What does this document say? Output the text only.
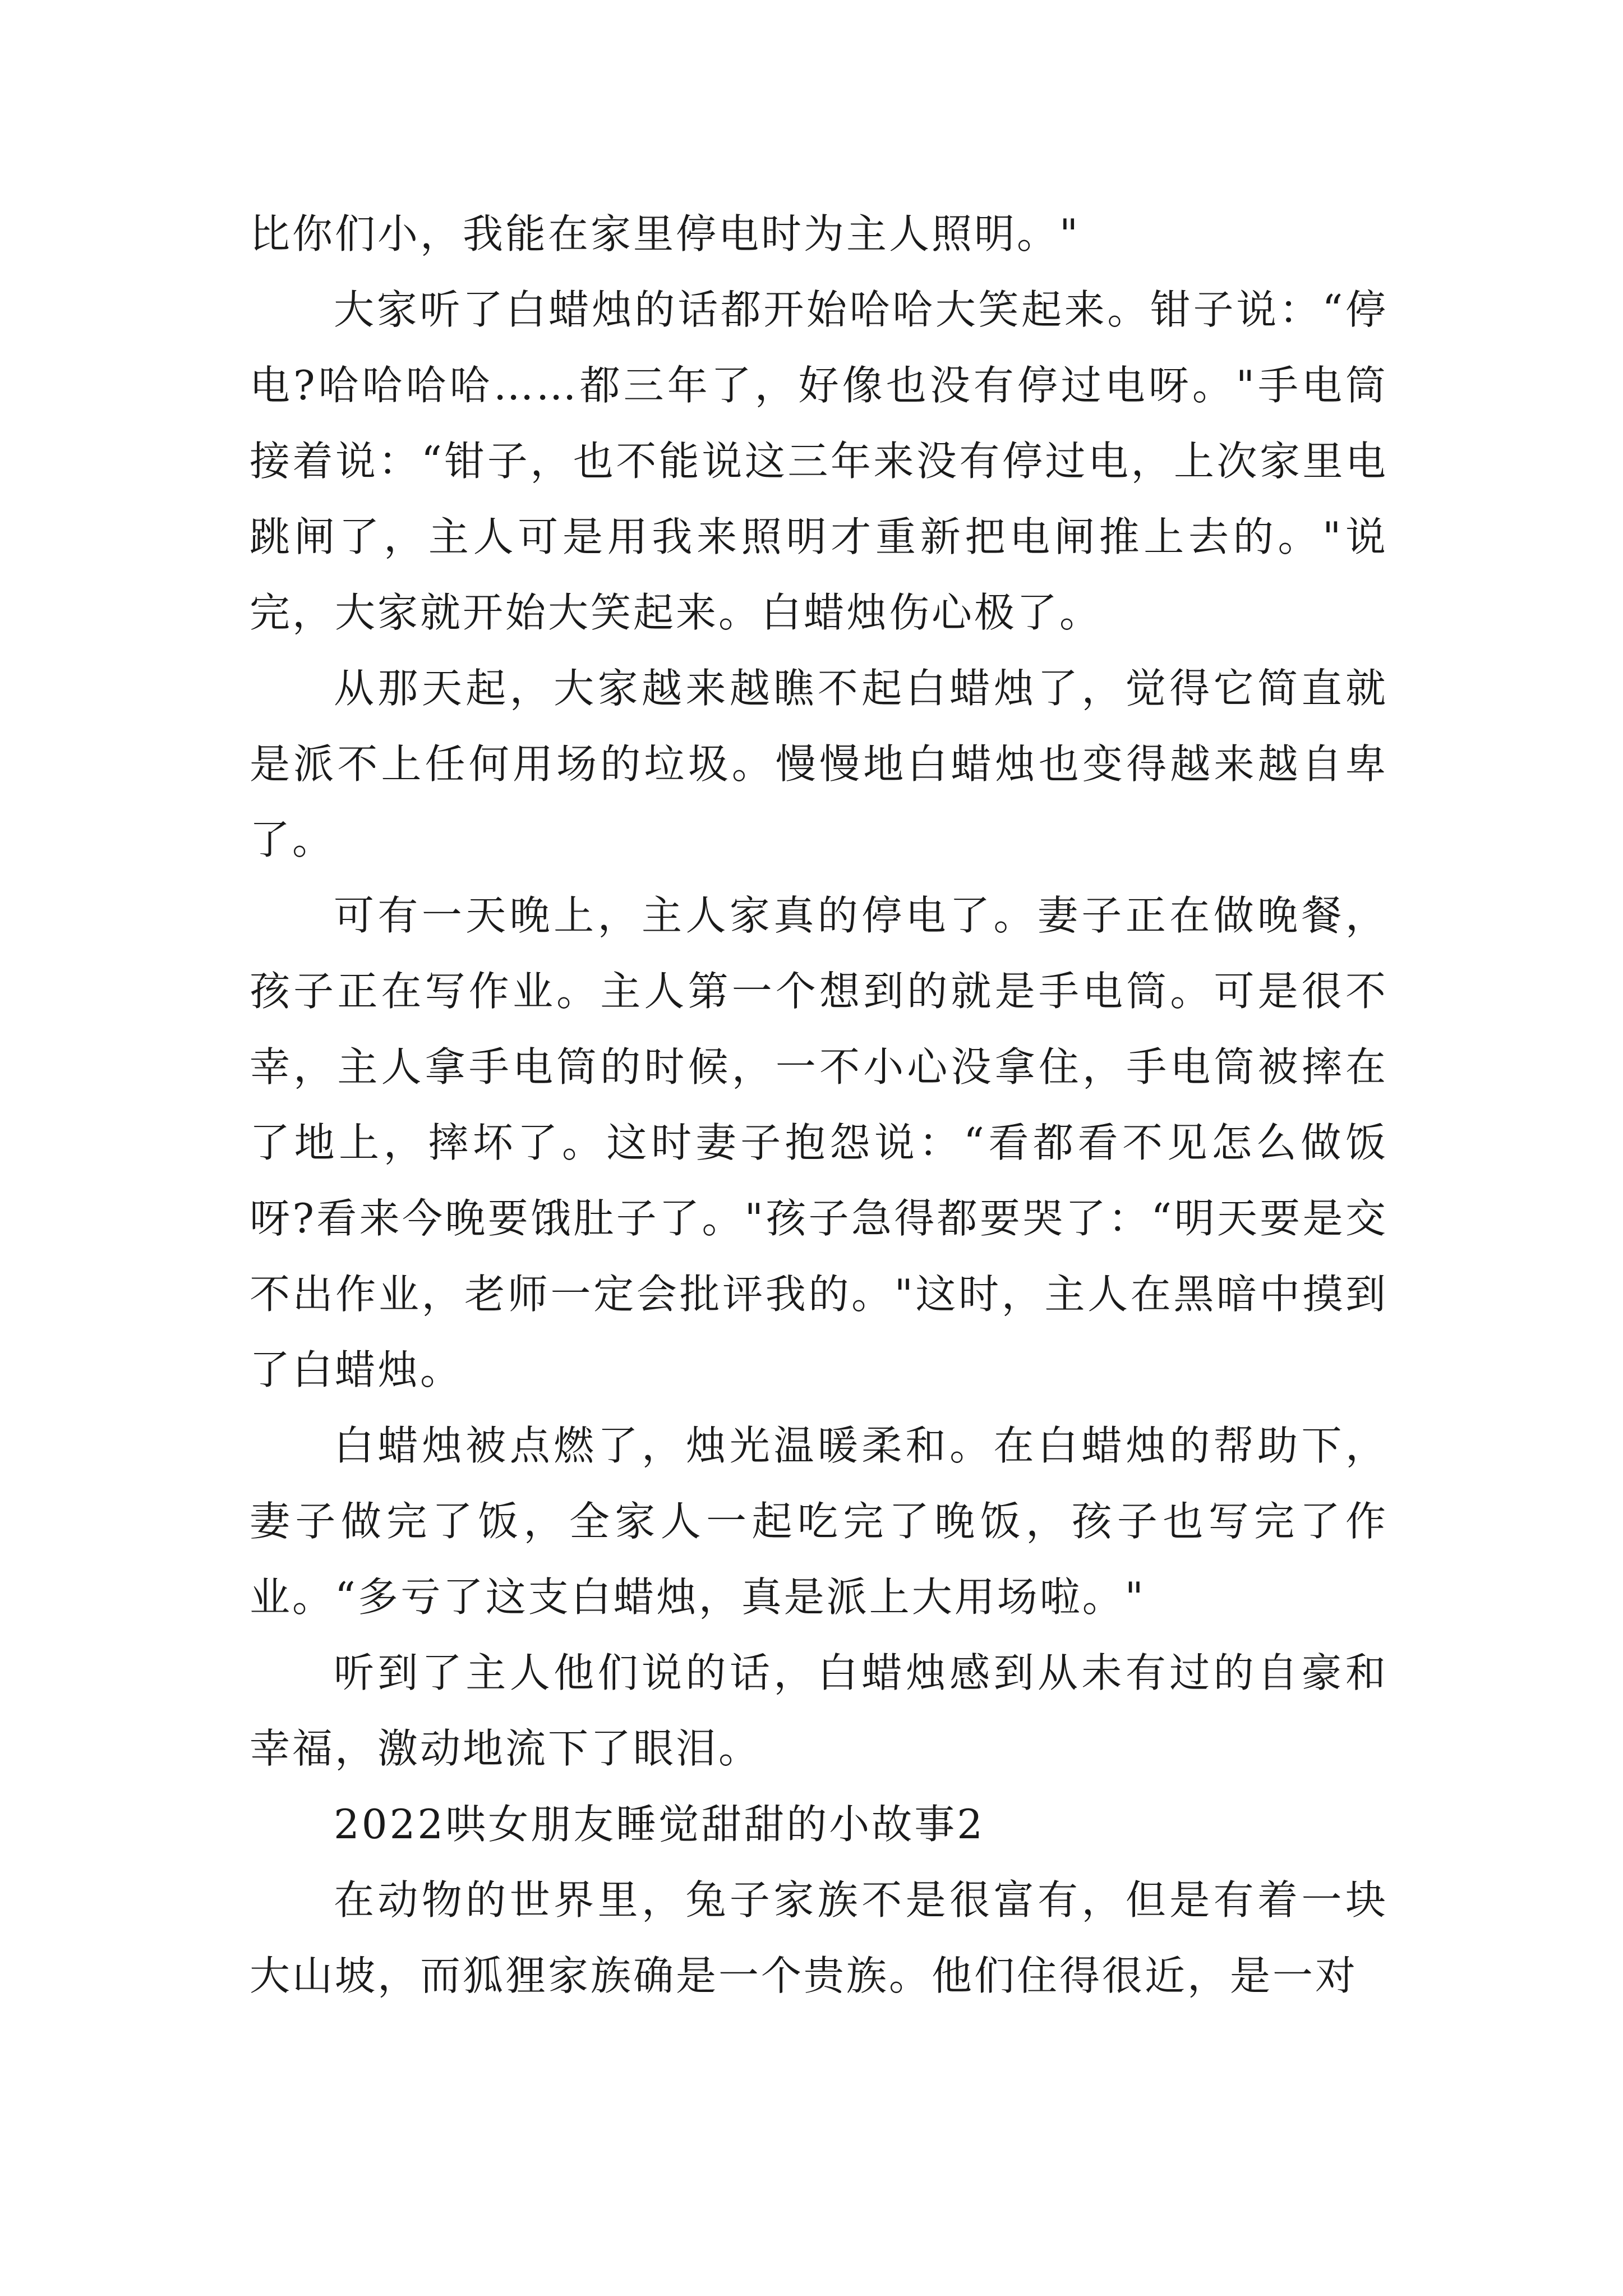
比你们小，我能在家里停电时为主人照明。"

大家听了白蜡烛的话都开始哈哈大笑起来。钳子说：“停电?哈哈哈哈……都三年了，好像也没有停过电呀。"手电筒接着说：“钳子，也不能说这三年来没有停过电，上次家里电跳闸了，主人可是用我来照明才重新把电闸推上去的。"说完，大家就开始大笑起来。白蜡烛伤心极了。

从那天起，大家越来越瞧不起白蜡烛了，觉得它简直就是派不上任何用场的垃圾。慢慢地白蜡烛也变得越来越自卑了。

可有一天晚上，主人家真的停电了。妻子正在做晚餐，孩子正在写作业。主人第一个想到的就是手电筒。可是很不幸，主人拿手电筒的时候，一不小心没拿住，手电筒被摔在了地上，摔坏了。这时妻子抱怨说：“看都看不见怎么做饭呀?看来今晚要饿肚子了。"孩子急得都要哭了：“明天要是交不出作业，老师一定会批评我的。"这时，主人在黑暗中摸到了白蜡烛。

白蜡烛被点燃了，烛光温暖柔和。在白蜡烛的帮助下，妻子做完了饭，全家人一起吃完了晚饭，孩子也写完了作业。“多亏了这支白蜡烛，真是派上大用场啦。"

听到了主人他们说的话，白蜡烛感到从未有过的自豪和幸福，激动地流下了眼泪。

2022哄女朋友睡觉甜甜的小故事2

在动物的世界里，兔子家族不是很富有，但是有着一块大山坡，而狐狸家族确是一个贵族。他们住得很近，是一对
